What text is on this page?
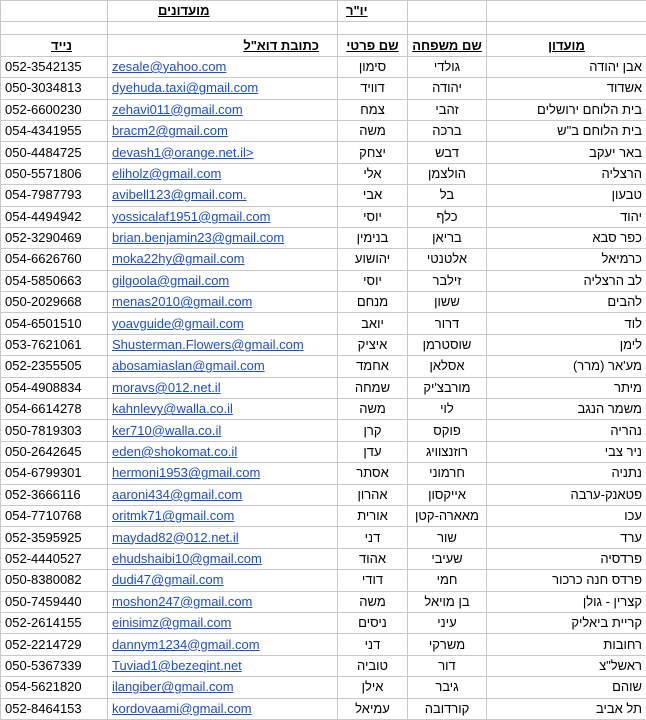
	מועדונים	יו"ר		

נייד	כתובת דוא"ל	שם פרטי	שם משפחה	מועדון
052-3542135	zesale@yahoo.com	סימון	גולדי	אבן יהודה
050-3034813	dyehuda.taxi@gmail.com	דוויד	יהודה	אשדוד
052-6600230	zehavi011@gmail.com	צמח	זהבי	בית הלוחם ירושלים
054-4341955	bracm2@gmail.com	משה	ברכה	בית הלוחם ב"ש
050-4484725	devash1@orange.net.il>	יצחק	דבש	באר יעקב
050-5571806	eliholz@gmail.com	אלי	הולצמן	הרצליה
054-7987793	avibell123@gmail.com.	אבי	בל	טבעון
054-4494942	yossicalaf1951@gmail.com	יוסי	כלף	יהוד
052-3290469	brian.benjamin23@gmail.com	בנימין	בריאן	כפר סבא
054-6626760	moka22hy@gmail.com	יהושוע	אלטנטי	כרמיאל
054-5850663	gilgoola@gmail.com	יוסי	זילבר	לב הרצליה
050-2029668	menas2010@gmail.com	מנחם	ששון	להבים
054-6501510	yoavguide@gmail.com	יואב	דרור	לוד
053-7621061	Shusterman.Flowers@gmail.com	איציק	שוסטרמן	לימן
052-2355505	abosamiaslan@gmail.com	אחמד	אסלאן	מע'אר (מרר)
054-4908834	moravs@012.net.il	שמחה	מורבצ'יק	מיתר
054-6614278	kahnlevy@walla.co.il	משה	לוי	משמר הנגב
050-7819303	ker710@walla.co.il	קרן	פוקס	נהריה
050-2642645	eden@shokomat.co.il	עדן	רוזנצוויג	ניר צבי
054-6799301	hermoni1953@gmail.com	אסתר	חרמוני	נתניה
052-3666116	aaroni434@gmail.com	אהרון	אייקסון	פטאנק-ערבה
054-7710768	oritmk71@gmail.com	אורית	מאארה-קטן	עכו
052-3595925	maydad82@012.net.il	דני	שור	ערד
052-4440527	ehudshaibi10@gmail.com	אהוד	שעיבי	פרדסיה
050-8380082	dudi47@gmail.com	דודי	חמי	פרדס חנה כרכור
050-7459440	moshon247@gmail.com	משה	בן מויאל	קצרין - גולן
052-2614155	einisimz@gmail.com	ניסים	עיני	קריית ביאליק
052-2214729	dannym1234@gmail.com	דני	משרקי	רחובות
050-5367339	Tuviad1@bezeqint.net	טוביה	דור	ראשל"צ
054-5621820	ilangiber@gmail.com	אילן	גיבר	שוהם
052-8464153	kordovaami@gmail.com	עמיאל	קורדובה	תל אביב
